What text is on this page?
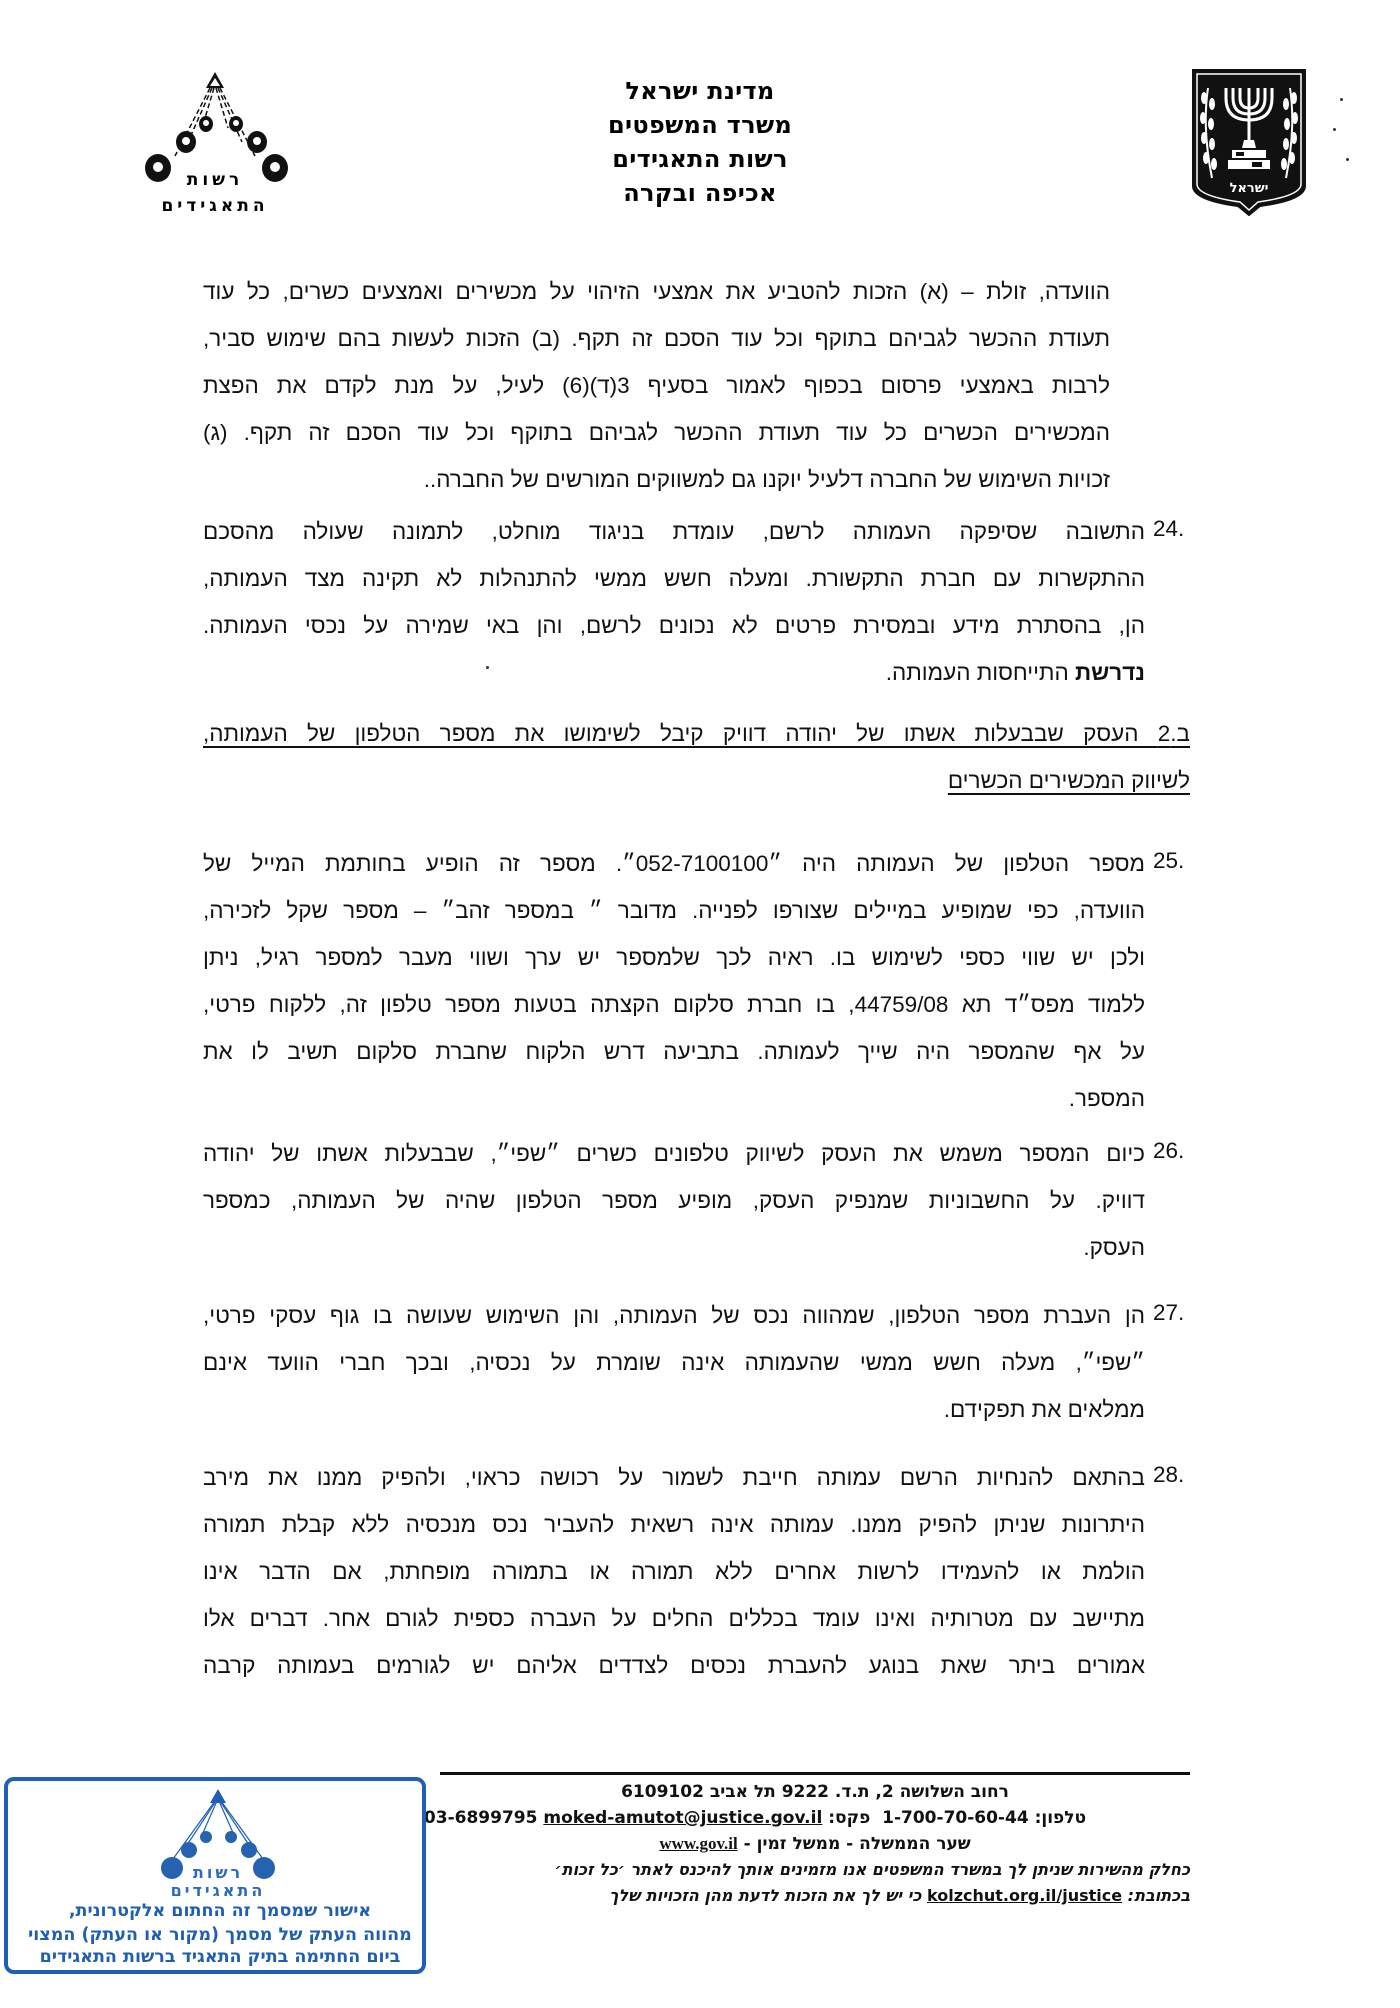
רשות
התאגידים
מדינת ישראל
משרד המשפטים
רשות התאגידים
אכיפה ובקרה	ישראל
הוועדה, זולת – (א) הזכות להטביע את אמצעי הזיהוי על מכשירים ואמצעים כשרים, כל עוד
תעודת ההכשר לגביהם בתוקף וכל עוד הסכם זה תקף. (ב) הזכות לעשות בהם שימוש סביר,
לרבות באמצעי פרסום בכפוף לאמור בסעיף 3(ד)(6) לעיל, על מנת לקדם את הפצת
המכשירים הכשרים כל עוד תעודת ההכשר לגביהם בתוקף וכל עוד הסכם זה תקף. (ג)
זכויות השימוש של החברה דלעיל יוקנו גם למשווקים המורשים של החברה..
24.
התשובה שסיפקה העמותה לרשם, עומדת בניגוד מוחלט, לתמונה שעולה מהסכם
ההתקשרות עם חברת התקשורת. ומעלה חשש ממשי להתנהלות לא תקינה מצד העמותה,
הן, בהסתרת מידע ובמסירת פרטים לא נכונים לרשם, והן באי שמירה על נכסי העמותה.
נדרשת התייחסות העמותה.
ב.2 העסק שבבעלות אשתו של יהודה דוויק קיבל לשימושו את מספר הטלפון של העמותה,
לשיווק המכשירים הכשרים
25.
מספר הטלפון של העמותה היה ״052-7100100״. מספר זה הופיע בחותמת המייל של
הוועדה, כפי שמופיע במיילים שצורפו לפנייה. מדובר ״ במספר זהב״ – מספר שקל לזכירה,
ולכן יש שווי כספי לשימוש בו. ראיה לכך שלמספר יש ערך ושווי מעבר למספר רגיל, ניתן
ללמוד מפס״ד תא 44759/08, בו חברת סלקום הקצתה בטעות מספר טלפון זה, ללקוח פרטי,
על אף שהמספר היה שייך לעמותה. בתביעה דרש הלקוח שחברת סלקום תשיב לו את
המספר.
26.
כיום המספר משמש את העסק לשיווק טלפונים כשרים ״שפי״, שבבעלות אשתו של יהודה
דוויק. על החשבוניות שמנפיק העסק, מופיע מספר הטלפון שהיה של העמותה, כמספר
העסק.
27.
הן העברת מספר הטלפון, שמהווה נכס של העמותה, והן השימוש שעושה בו גוף עסקי פרטי,
״שפי״, מעלה חשש ממשי שהעמותה אינה שומרת על נכסיה, ובכך חברי הוועד אינם
ממלאים את תפקידם.
28.
בהתאם להנחיות הרשם עמותה חייבת לשמור על רכושה כראוי, ולהפיק ממנו את מירב
היתרונות שניתן להפיק ממנו. עמותה אינה רשאית להעביר נכס מנכסיה ללא קבלת תמורה
הולמת או להעמידו לרשות אחרים ללא תמורה או בתמורה מופחתת, אם הדבר אינו
מתיישב עם מטרותיה ואינו עומד בכללים החלים על העברה כספית לגורם אחר. דברים אלו
אמורים ביתר שאת בנוגע להעברת נכסים לצדדים אליהם יש לגורמים בעמותה קרבה
רחוב השלושה 2, ת.ד. 9222 תל אביב 6109102
טלפון: 1-700-70-60-44  פקס: 03-6899795 moked-amutot@justice.gov.il
שער הממשלה - ממשל זמין - www.gov.il
כחלק מהשירות שניתן לך במשרד המשפטים אנו מזמינים אותך להיכנס לאתר ׳כל זכות׳
בכתובת: kolzchut.org.il/justice כי יש לך את הזכות לדעת מהן הזכויות שלך
רשות
התאגידים
אישור שמסמך זה החתום אלקטרונית,
מהווה העתק של מסמך (מקור או העתק) המצוי
ביום החתימה בתיק התאגיד ברשות התאגידים
